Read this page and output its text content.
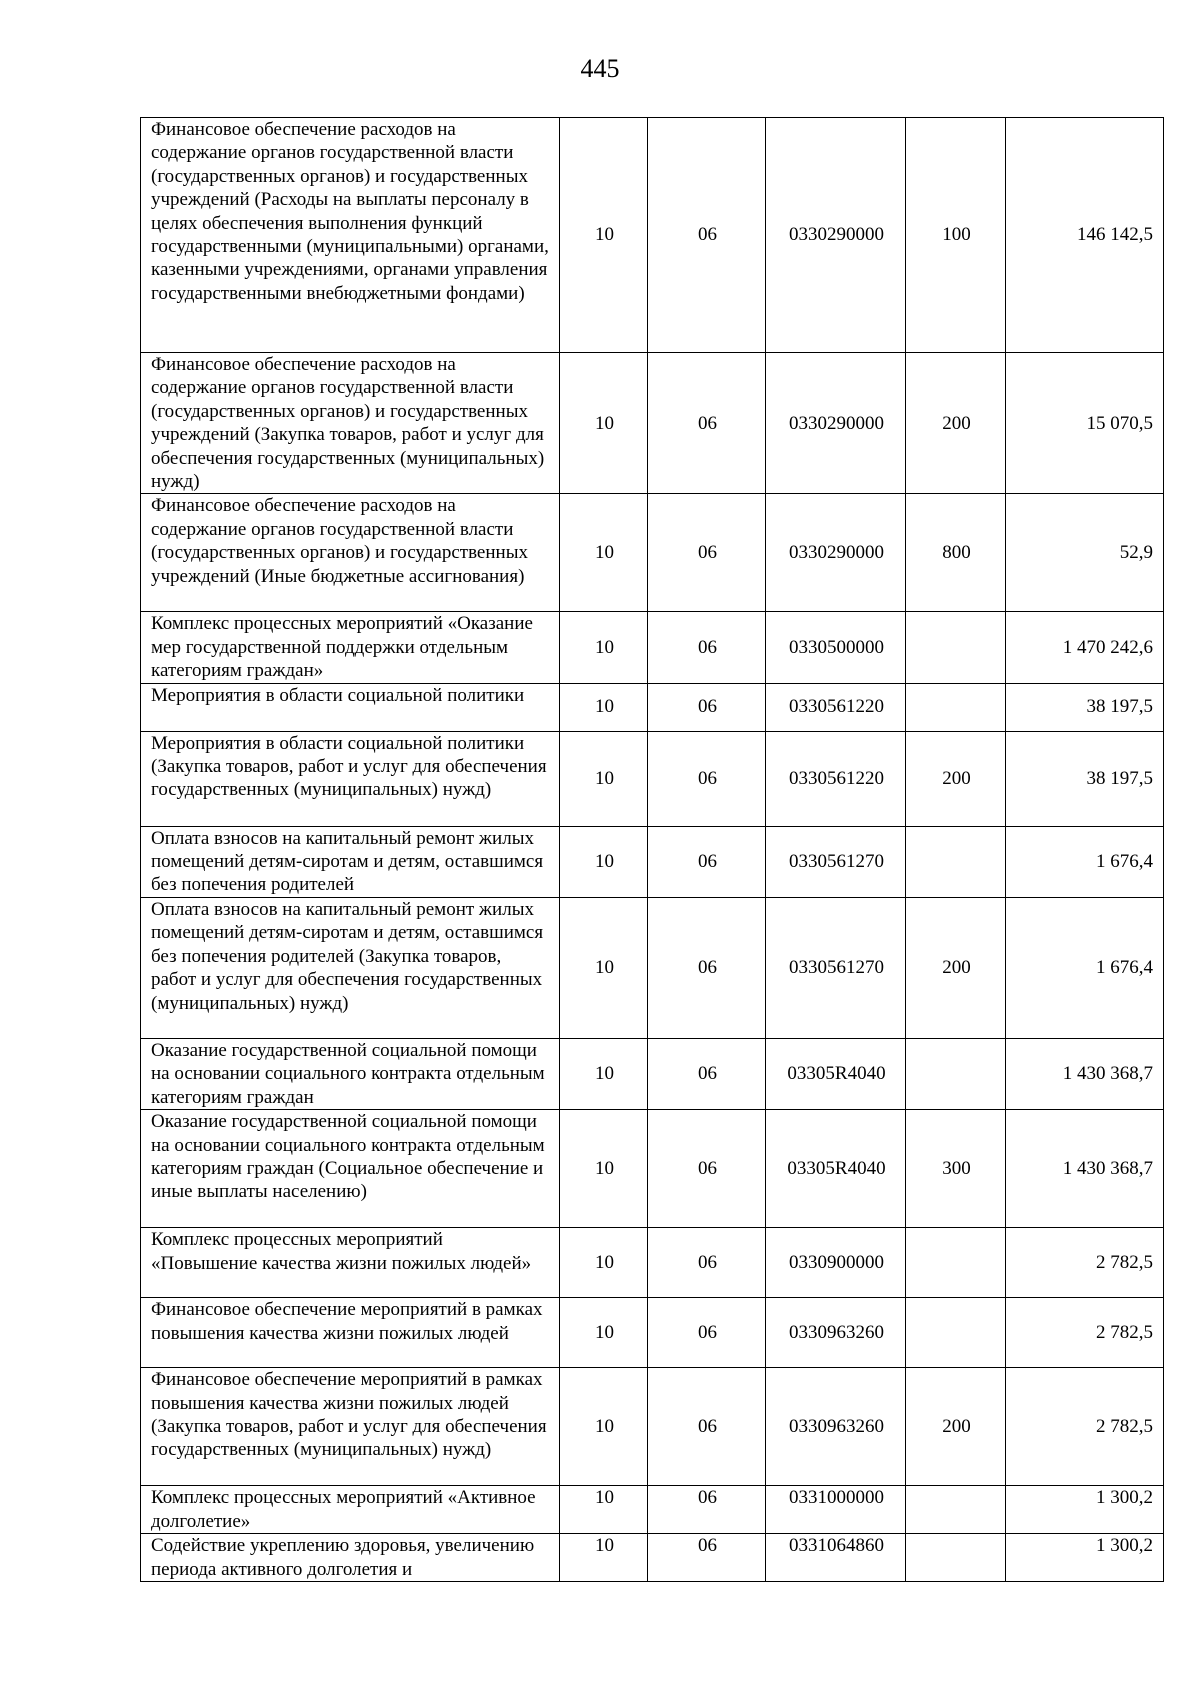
445
Финансовое обеспечение расходов на содержание органов государственной власти (государственных органов) и государственных учреждений (Расходы на выплаты персоналу в целях обеспечения выполнения функций государственными (муниципальными) органами, казенными учреждениями, органами управления государственными внебюджетными фондами)	10	06	0330290000	100	146 142,5
Финансовое обеспечение расходов на содержание органов государственной власти (государственных органов) и государственных учреждений (Закупка товаров, работ и услуг для обеспечения государственных (муниципальных) нужд)	10	06	0330290000	200	15 070,5
Финансовое обеспечение расходов на содержание органов государственной власти (государственных органов) и государственных учреждений (Иные бюджетные ассигнования)	10	06	0330290000	800	52,9
Комплекс процессных мероприятий «Оказание мер государственной поддержки отдельным категориям граждан»	10	06	0330500000		1 470 242,6
Мероприятия в области социальной политики	10	06	0330561220		38 197,5
Мероприятия в области социальной политики (Закупка товаров, работ и услуг для обеспечения государственных (муниципальных) нужд)	10	06	0330561220	200	38 197,5
Оплата взносов на капитальный ремонт жилых помещений детям-сиротам и детям, оставшимся без попечения родителей	10	06	0330561270		1 676,4
Оплата взносов на капитальный ремонт жилых помещений детям-сиротам и детям, оставшимся без попечения родителей (Закупка товаров, работ и услуг для обеспечения государственных (муниципальных) нужд)	10	06	0330561270	200	1 676,4
Оказание государственной социальной помощи на основании социального контракта отдельным категориям граждан	10	06	03305R4040		1 430 368,7
Оказание государственной социальной помощи на основании социального контракта отдельным категориям граждан (Социальное обеспечение и иные выплаты населению)	10	06	03305R4040	300	1 430 368,7
Комплекс процессных мероприятий «Повышение качества жизни пожилых людей»	10	06	0330900000		2 782,5
Финансовое обеспечение мероприятий в рамках повышения качества жизни пожилых людей	10	06	0330963260		2 782,5
Финансовое обеспечение мероприятий в рамках повышения качества жизни пожилых людей (Закупка товаров, работ и услуг для обеспечения государственных (муниципальных) нужд)	10	06	0330963260	200	2 782,5
Комплекс процессных мероприятий «Активное долголетие»	10	06	0331000000		1 300,2
Содействие укреплению здоровья, увеличению периода активного долголетия и	10	06	0331064860		1 300,2
